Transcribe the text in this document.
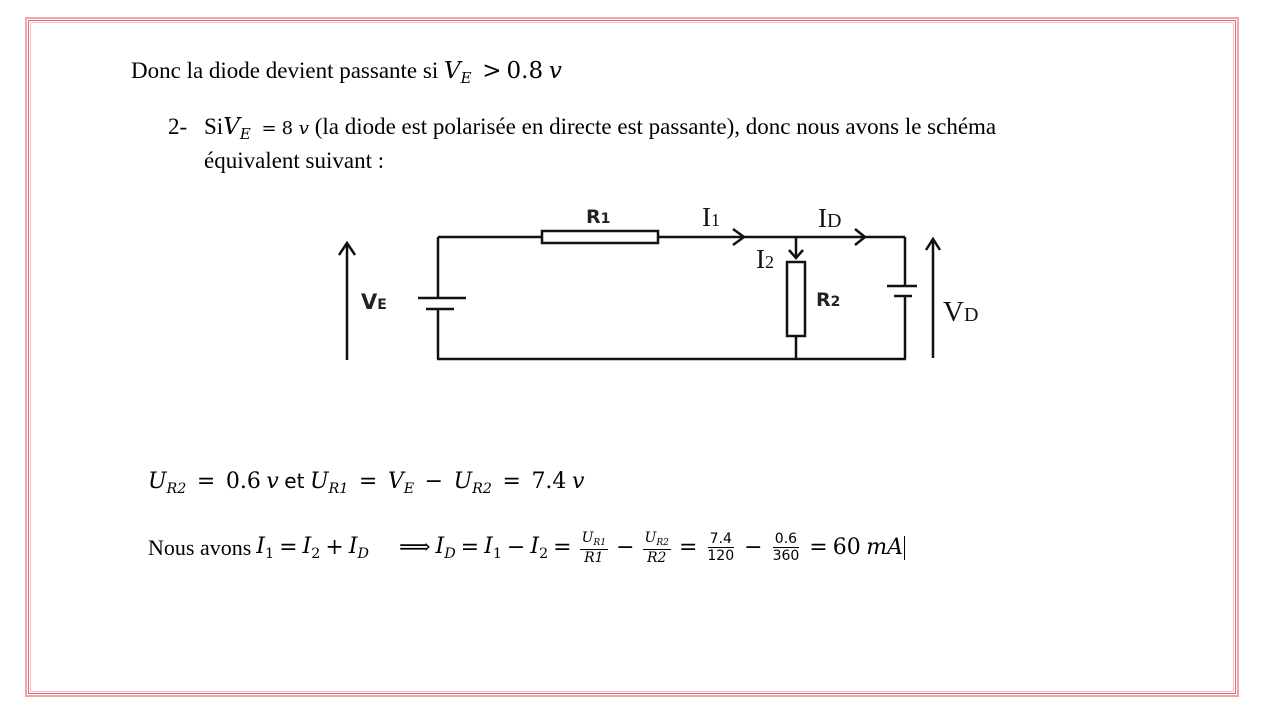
Donc la diode devient passante si $V_E > 0.8$ v
2- SiV$_E$ = 8 v (la diode est polarisée en directe est passante), donc nous avons le schéma
équivalent suivant :
VE
R1
R2
I1
I2
ID
VD
$U_{R2} = 0.6$ v et $U_{R1} = V_E - U_{R2} = 7.4$ v
Nous avons $I_1 = I_2 + I_D$ ⟹ $I_D = I_1 - I_2 = \frac{U_{R1}}{R1} - \frac{U_{R2}}{R2} = \frac{7.4}{120} - \frac{0.6}{360} = 60$
mA
